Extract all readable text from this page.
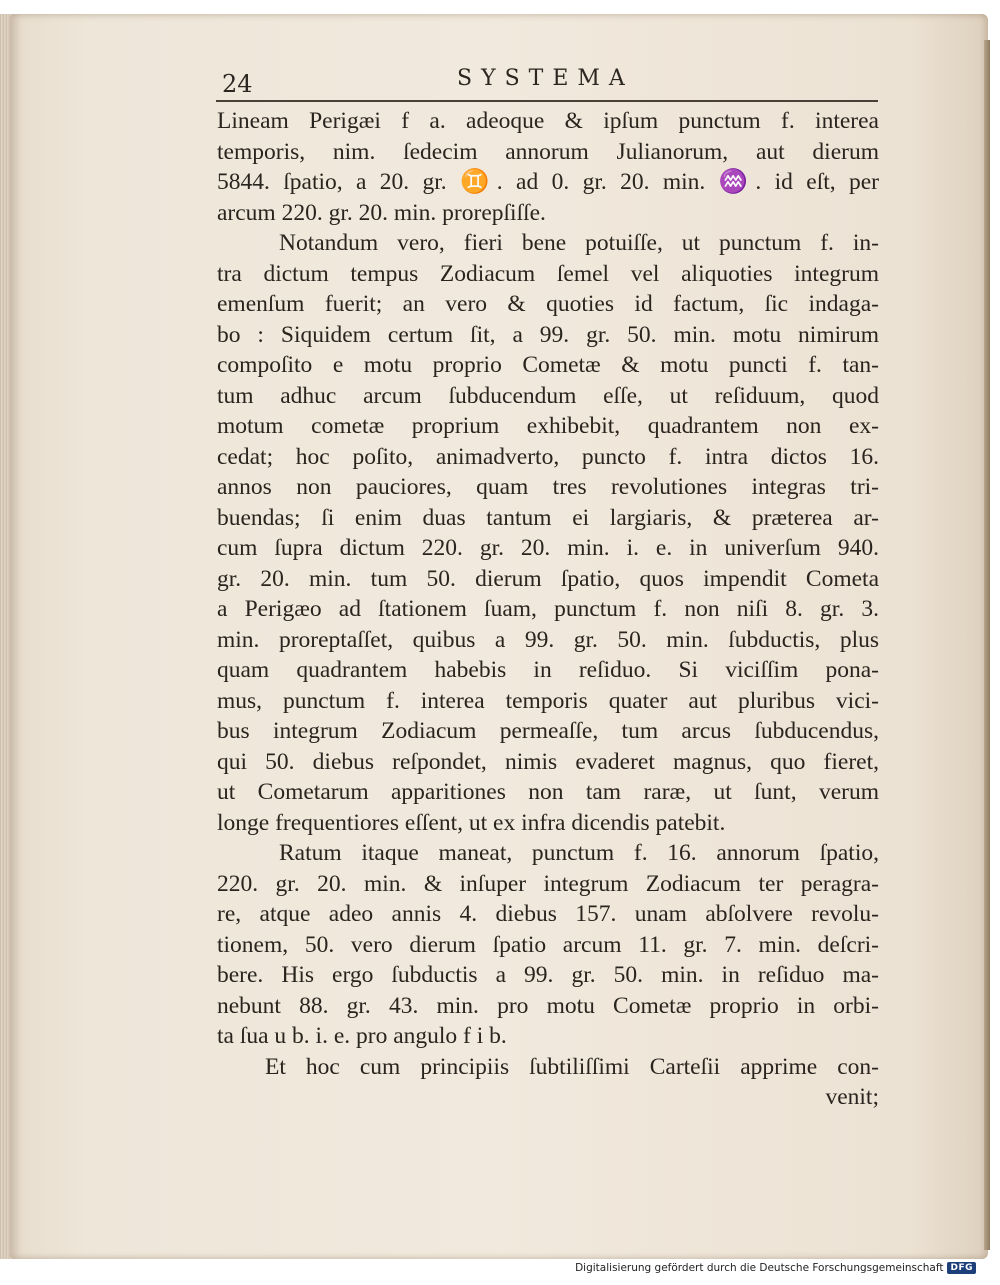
24	SYSTEMA
Lineam Perigæi f a. adeoque & ipſum punctum f. interea
temporis, nim. ſedecim annorum Julianorum, aut dierum
5844. ſpatio, a 20. gr. ♊. ad 0. gr. 20. min. ♒. id eſt, per
arcum 220. gr. 20. min. prorepſiſſe.
Notandum vero, fieri bene potuiſſe, ut punctum f. in-
tra dictum tempus Zodiacum ſemel vel aliquoties integrum
emenſum fuerit; an vero & quoties id factum, ſic indaga-
bo : Siquidem certum ſit, a 99. gr. 50. min. motu nimirum
compoſito e motu proprio Cometæ & motu puncti f. tan-
tum adhuc arcum ſubducendum eſſe, ut reſiduum, quod
motum cometæ proprium exhibebit, quadrantem non ex-
cedat; hoc poſito, animadverto, puncto f. intra dictos 16.
annos non pauciores, quam tres revolutiones integras tri-
buendas; ſi enim duas tantum ei largiaris, & præterea ar-
cum ſupra dictum 220. gr. 20. min. i. e. in univerſum 940.
gr. 20. min. tum 50. dierum ſpatio, quos impendit Cometa
a Perigæo ad ſtationem ſuam, punctum f. non niſi 8. gr. 3.
min. proreptaſſet, quibus a 99. gr. 50. min. ſubductis, plus
quam quadrantem habebis in reſiduo. Si viciſſim pona-
mus, punctum f. interea temporis quater aut pluribus vici-
bus integrum Zodiacum permeaſſe, tum arcus ſubducendus,
qui 50. diebus reſpondet, nimis evaderet magnus, quo fieret,
ut Cometarum apparitiones non tam raræ, ut ſunt, verum
longe frequentiores eſſent, ut ex infra dicendis patebit.
Ratum itaque maneat, punctum f. 16. annorum ſpatio,
220. gr. 20. min. & inſuper integrum Zodiacum ter peragra-
re, atque adeo annis 4. diebus 157. unam abſolvere revolu-
tionem, 50. vero dierum ſpatio arcum 11. gr. 7. min. deſcri-
bere. His ergo ſubductis a 99. gr. 50. min. in reſiduo ma-
nebunt 88. gr. 43. min. pro motu Cometæ proprio in orbi-
ta ſua u b. i. e. pro angulo f i b.
Et hoc cum principiis ſubtiliſſimi Carteſii apprime con-
venit;
Digitalisierung gefördert durch die Deutsche Forschungsgemeinschaft DFG
